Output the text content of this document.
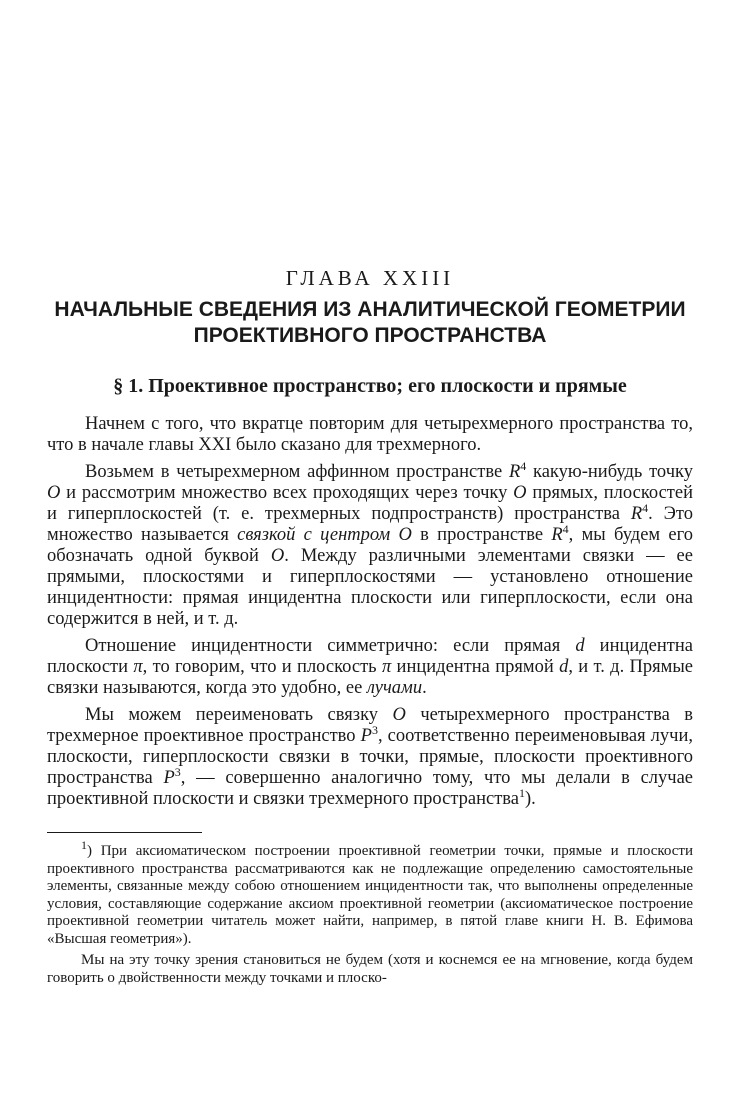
ГЛАВА XXIII
НАЧАЛЬНЫЕ СВЕДЕНИЯ ИЗ АНАЛИТИЧЕСКОЙ ГЕОМЕТРИИ
ПРОЕКТИВНОГО ПРОСТРАНСТВА
§ 1. Проективное пространство; его плоскости и прямые

Начнем с того, что вкратце повторим для четырехмерного пространства то, что в начале главы XXI было сказано для трехмерного.

Возьмем в четырехмерном аффинном пространстве $R^4$ какую-нибудь точку O и рассмотрим множество всех проходящих через точку O прямых, плоскостей и гиперплоскостей (т. е. трехмерных подпространств) пространства $R^4$. Это множество называется связкой с центром O в пространстве $R^4$, мы будем его обозначать одной буквой O. Между различными элементами связки — ее прямыми, плоскостями и гиперплоскостями — установлено отношение инцидентности: прямая инцидентна плоскости или гиперплоскости, если она содержится в ней, и т. д.

Отношение инцидентности симметрично: если прямая d инцидентна плоскости π, то говорим, что и плоскость π инцидентна прямой d, и т. д. Прямые связки называются, когда это удобно, ее лучами.

Мы можем переименовать связку O четырехмерного пространства в трехмерное проективное пространство $P^3$, соответственно переименовывая лучи, плоскости, гиперплоскости связки в точки, прямые, плоскости проективного пространства $P^3$, — совершенно аналогично тому, что мы делали в случае проективной плоскости и связки трехмерного пространства$^1$).

$^1$) При аксиоматическом построении проективной геометрии точки, прямые и плоскости проективного пространства рассматриваются как не подлежащие определению самостоятельные элементы, связанные между собою отношением инцидентности так, что выполнены определенные условия, составляющие содержание аксиом проективной геометрии (аксиоматическое построение проективной геометрии читатель может найти, например, в пятой главе книги Н. В. Ефимова «Высшая геометрия»).

Мы на эту точку зрения становиться не будем (хотя и коснемся ее на мгновение, когда будем говорить о двойственности между точками и плоско-
